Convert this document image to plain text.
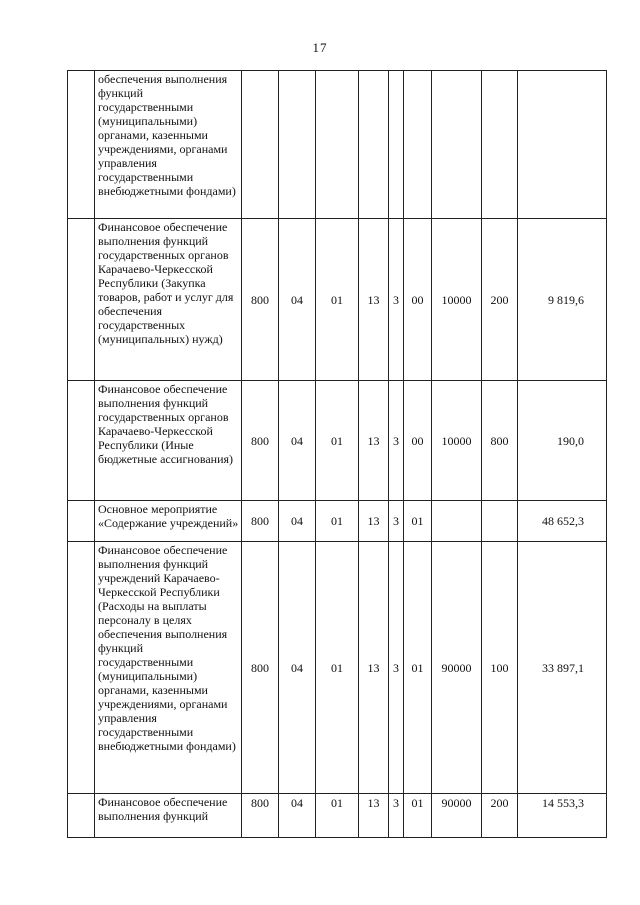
17
	обеспечения выполнения функций государственными (муниципальными) органами, казенными учреждениями, органами управления государственными внебюджетными фондами)									
	Финансовое обеспечение выполнения функций государственных органов Карачаево-Черкесской Республики (Закупка товаров, работ и услуг для обеспечения государственных (муниципальных) нужд)	800	04	01	13	3	00	10000	200	9 819,6
	Финансовое обеспечение выполнения функций государственных органов Карачаево-Черкесской Республики (Иные бюджетные ассигнования)	800	04	01	13	3	00	10000	800	190,0
	Основное мероприятие «Содержание учреждений»	800	04	01	13	3	01			48 652,3
	Финансовое обеспечение выполнения функций учреждений Карачаево-Черкесской Республики (Расходы на выплаты персоналу в целях обеспечения выполнения функций государственными (муниципальными) органами, казенными учреждениями, органами управления государственными внебюджетными фондами)	800	04	01	13	3	01	90000	100	33 897,1
	Финансовое обеспечение выполнения функций	800	04	01	13	3	01	90000	200	14 553,3
